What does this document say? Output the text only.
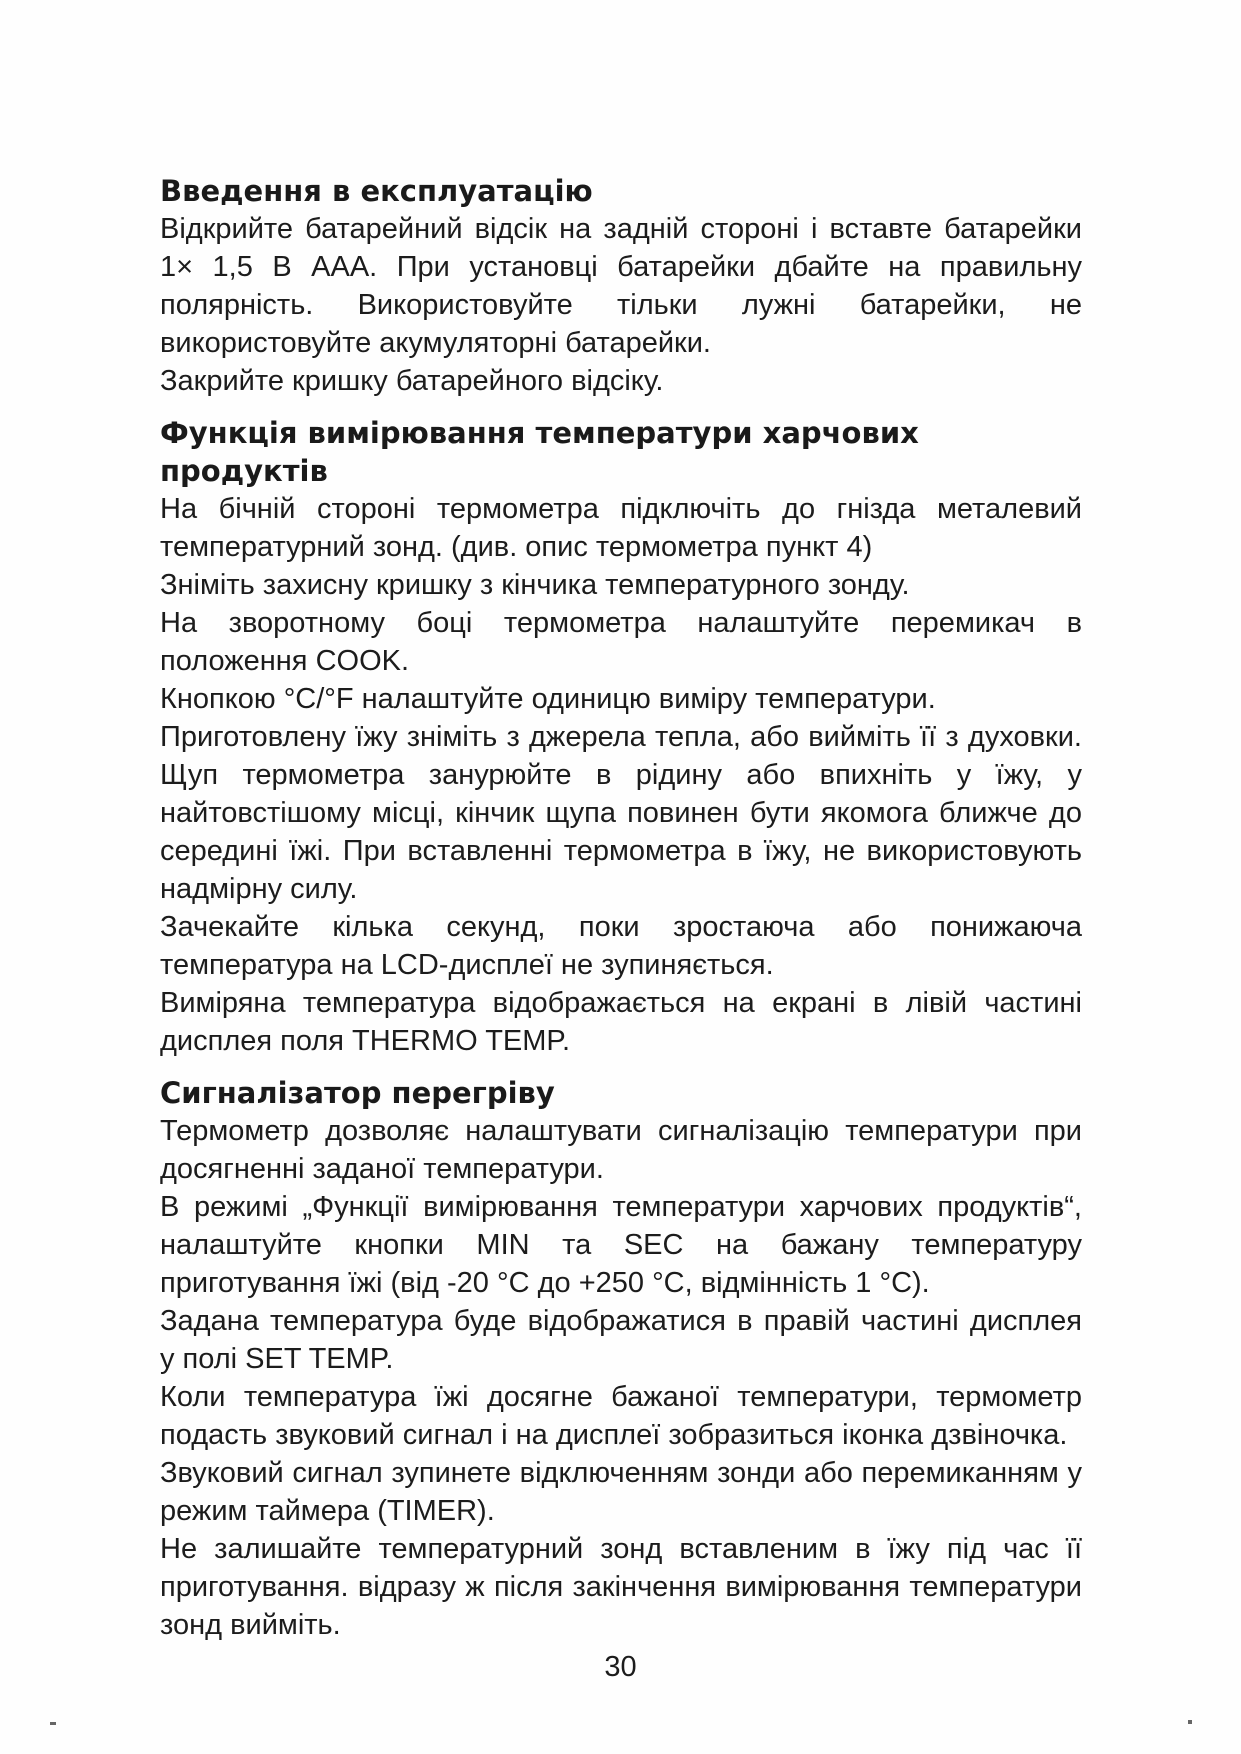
Введення в експлуатацію

Відкрийте батарейний відсік на задній стороні і вставте батарейки 1× 1,5 В AAA. При установці батарейки дбайте на правильну полярність. Використовуйте тільки лужні батарейки, не використовуйте акумуляторні батарейки.

Закрийте кришку батарейного відсіку.

Функція вимірювання температури харчових продуктів

На бічній стороні термометра підключіть до гнізда металевий температурний зонд. (див. опис термометра пункт 4)

Зніміть захисну кришку з кінчика температурного зонду.

На зворотному боці термометра налаштуйте перемикач в положення COOK.

Кнопкою °C/°F налаштуйте одиницю виміру температури.

Приготовлену їжу зніміть з джерела тепла, або вийміть її з духовки. Щуп термометра занурюйте в рідину або впихніть у їжу, у найтовстішому місці, кінчик щупа повинен бути якомога ближче до середині їжі. При вставленні термометра в їжу, не використовують надмірну силу.

Зачекайте кілька секунд, поки зростаюча або понижаюча температура на LCD-дисплеї не зупиняється.

Виміряна температура відображається на екрані в лівій частині дисплея поля THERMO TEMP.

Сигналізатор перегріву

Термометр дозволяє налаштувати сигналізацію температури при досягненні заданої температури.

В режимі „Функції вимірювання температури харчових продуктів“, налаштуйте кнопки MIN та SEC на бажану температуру приготування їжі (від -20 °C до +250 °C, відмінність 1 °C).

Задана температура буде відображатися в правій частині дисплея у полі SET TEMP.

Коли температура їжі досягне бажаної температури, термометр подасть звуковий сигнал і на дисплеї зобразиться іконка дзвіночка.

Звуковий сигнал зупинете відключенням зонди або перемиканням у режим таймера (TIMER).

Не залишайте температурний зонд вставленим в їжу під час її приготування. відразу ж після закінчення вимірювання температури зонд вийміть.

30
